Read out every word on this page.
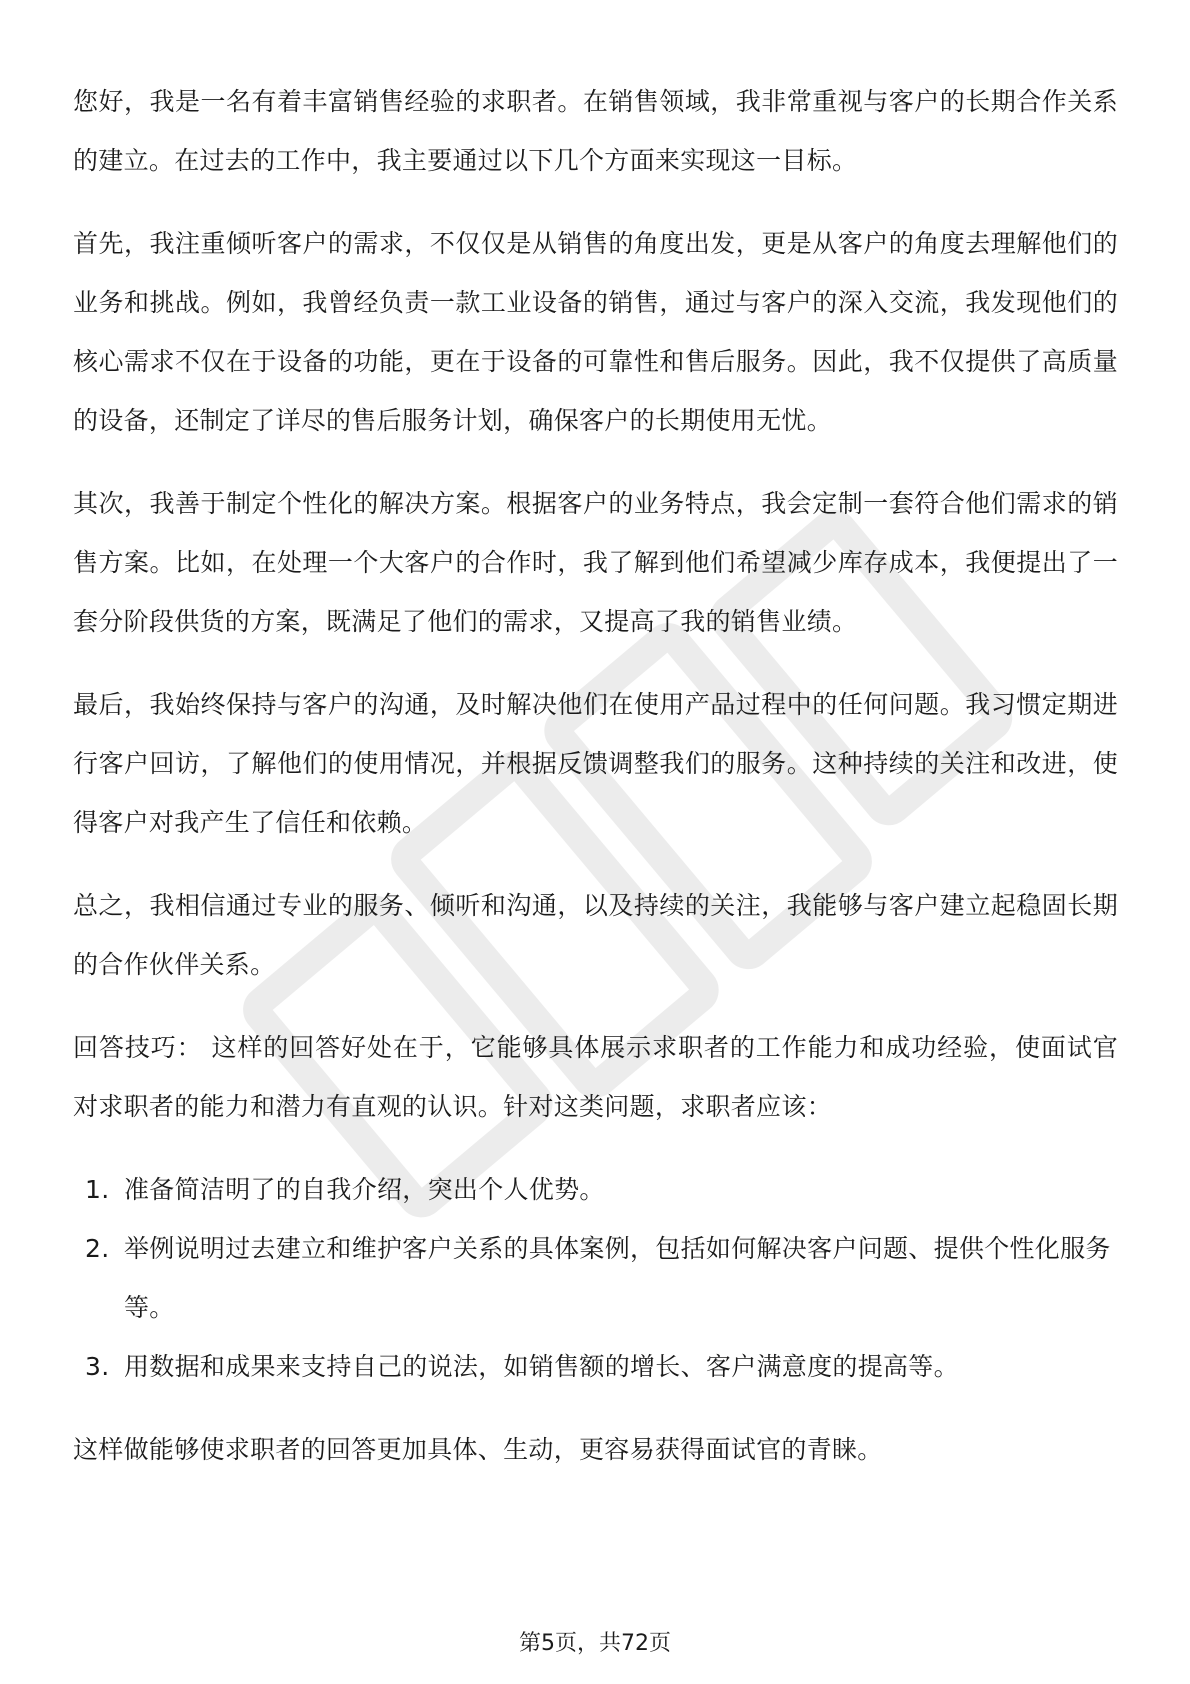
您好，我是一名有着丰富销售经验的求职者。在销售领域，我非常重视与客户的长期合作关系的建立。在过去的工作中，我主要通过以下几个方面来实现这一目标。

首先，我注重倾听客户的需求，不仅仅是从销售的角度出发，更是从客户的角度去理解他们的业务和挑战。例如，我曾经负责一款工业设备的销售，通过与客户的深入交流，我发现他们的核心需求不仅在于设备的功能，更在于设备的可靠性和售后服务。因此，我不仅提供了高质量的设备，还制定了详尽的售后服务计划，确保客户的长期使用无忧。

其次，我善于制定个性化的解决方案。根据客户的业务特点，我会定制一套符合他们需求的销售方案。比如，在处理一个大客户的合作时，我了解到他们希望减少库存成本，我便提出了一套分阶段供货的方案，既满足了他们的需求，又提高了我的销售业绩。

最后，我始终保持与客户的沟通，及时解决他们在使用产品过程中的任何问题。我习惯定期进行客户回访，了解他们的使用情况，并根据反馈调整我们的服务。这种持续的关注和改进，使得客户对我产生了信任和依赖。

总之，我相信通过专业的服务、倾听和沟通，以及持续的关注，我能够与客户建立起稳固长期的合作伙伴关系。

回答技巧： 这样的回答好处在于，它能够具体展示求职者的工作能力和成功经验，使面试官对求职者的能力和潜力有直观的认识。针对这类问题，求职者应该：

1. 准备简洁明了的自我介绍，突出个人优势。
2. 举例说明过去建立和维护客户关系的具体案例，包括如何解决客户问题、提供个性化服务等。
3. 用数据和成果来支持自己的说法，如销售额的增长、客户满意度的提高等。

这样做能够使求职者的回答更加具体、生动，更容易获得面试官的青睐。

第5页，共72页
